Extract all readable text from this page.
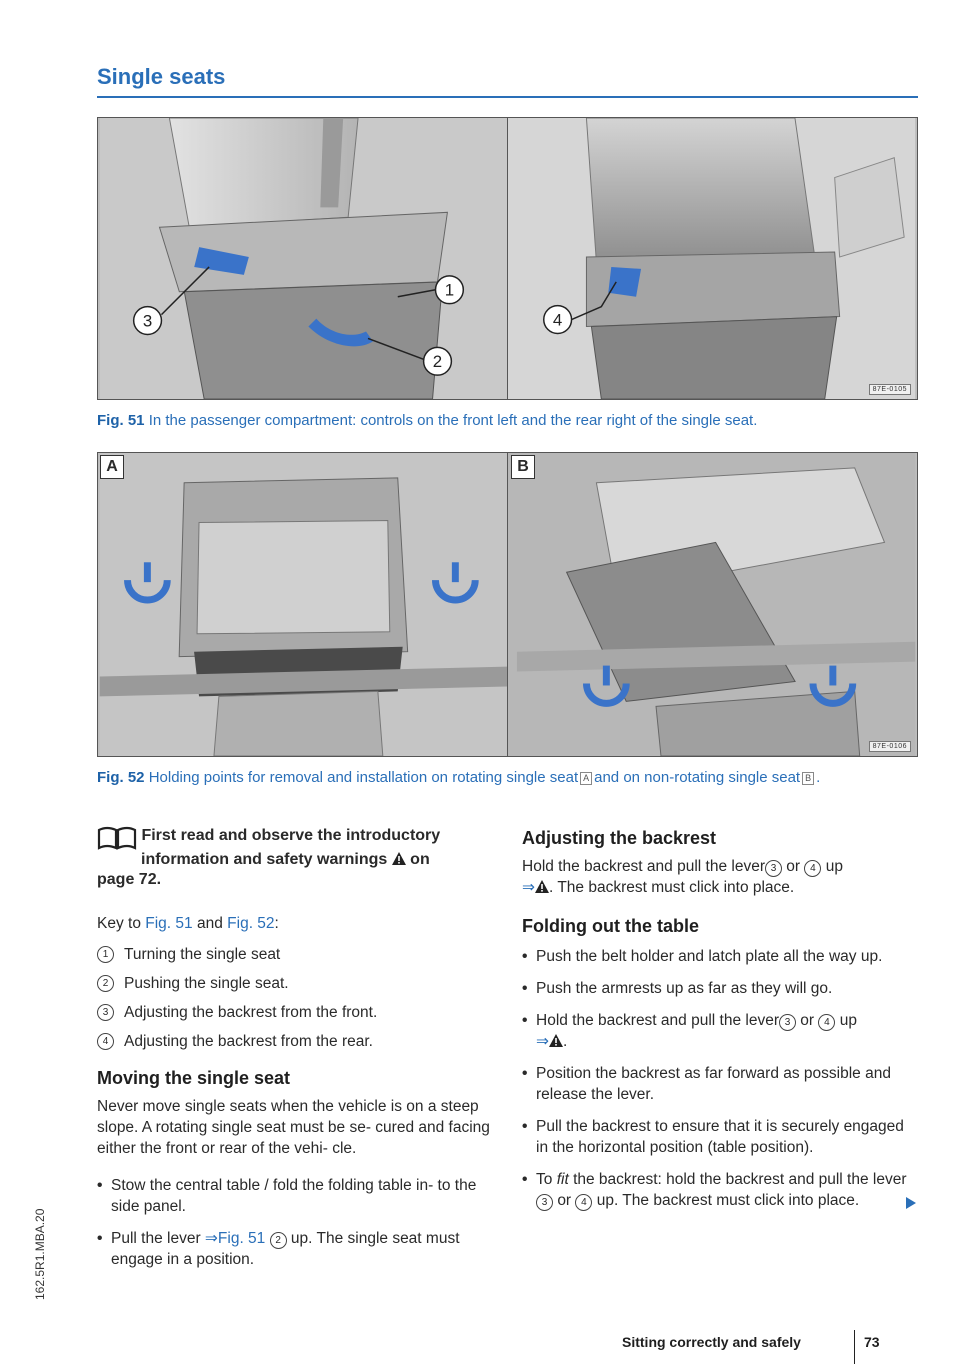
Single seats
1
2
3	4
87E-0105
Fig. 51 In the passenger compartment: controls on the front left and the rear right of the single seat.
A	B
87E-0106
Fig. 52 Holding points for removal and installation on rotating single seat A and on non-rotating single seat B .
First read and observe the introductory
information and safety warnings on
page 72.

Key to Fig. 51 and Fig. 52:

1	Turning the single seat
2	Pushing the single seat.
3	Adjusting the backrest from the front.
4	Adjusting the backrest from the rear.
Moving the single seat

Never move single seats when the vehicle is on a steep slope. A rotating single seat must be se- cured and facing either the front or rear of the vehi- cle.

• Stow the central table / fold the folding table in- to the side panel.
• Pull the lever ⇒Fig. 51 2 up. The single seat must engage in a position.
Adjusting the backrest

Hold the backrest and pull the lever 3 or 4 up
⇒ . The backrest must click into place.

Folding out the table
• Push the belt holder and latch plate all the way up.
• Push the armrests up as far as they will go.
• Hold the backrest and pull the lever 3 or 4 up
⇒ .
• Position the backrest as far forward as possible and release the lever.
• Pull the backrest to ensure that it is securely engaged in the horizontal position (table position).
• To fit the backrest: hold the backrest and pull the lever3 or 4 up. The backrest must click into place.
162.5R1.MBA.20
Sitting correctly and safely	73
